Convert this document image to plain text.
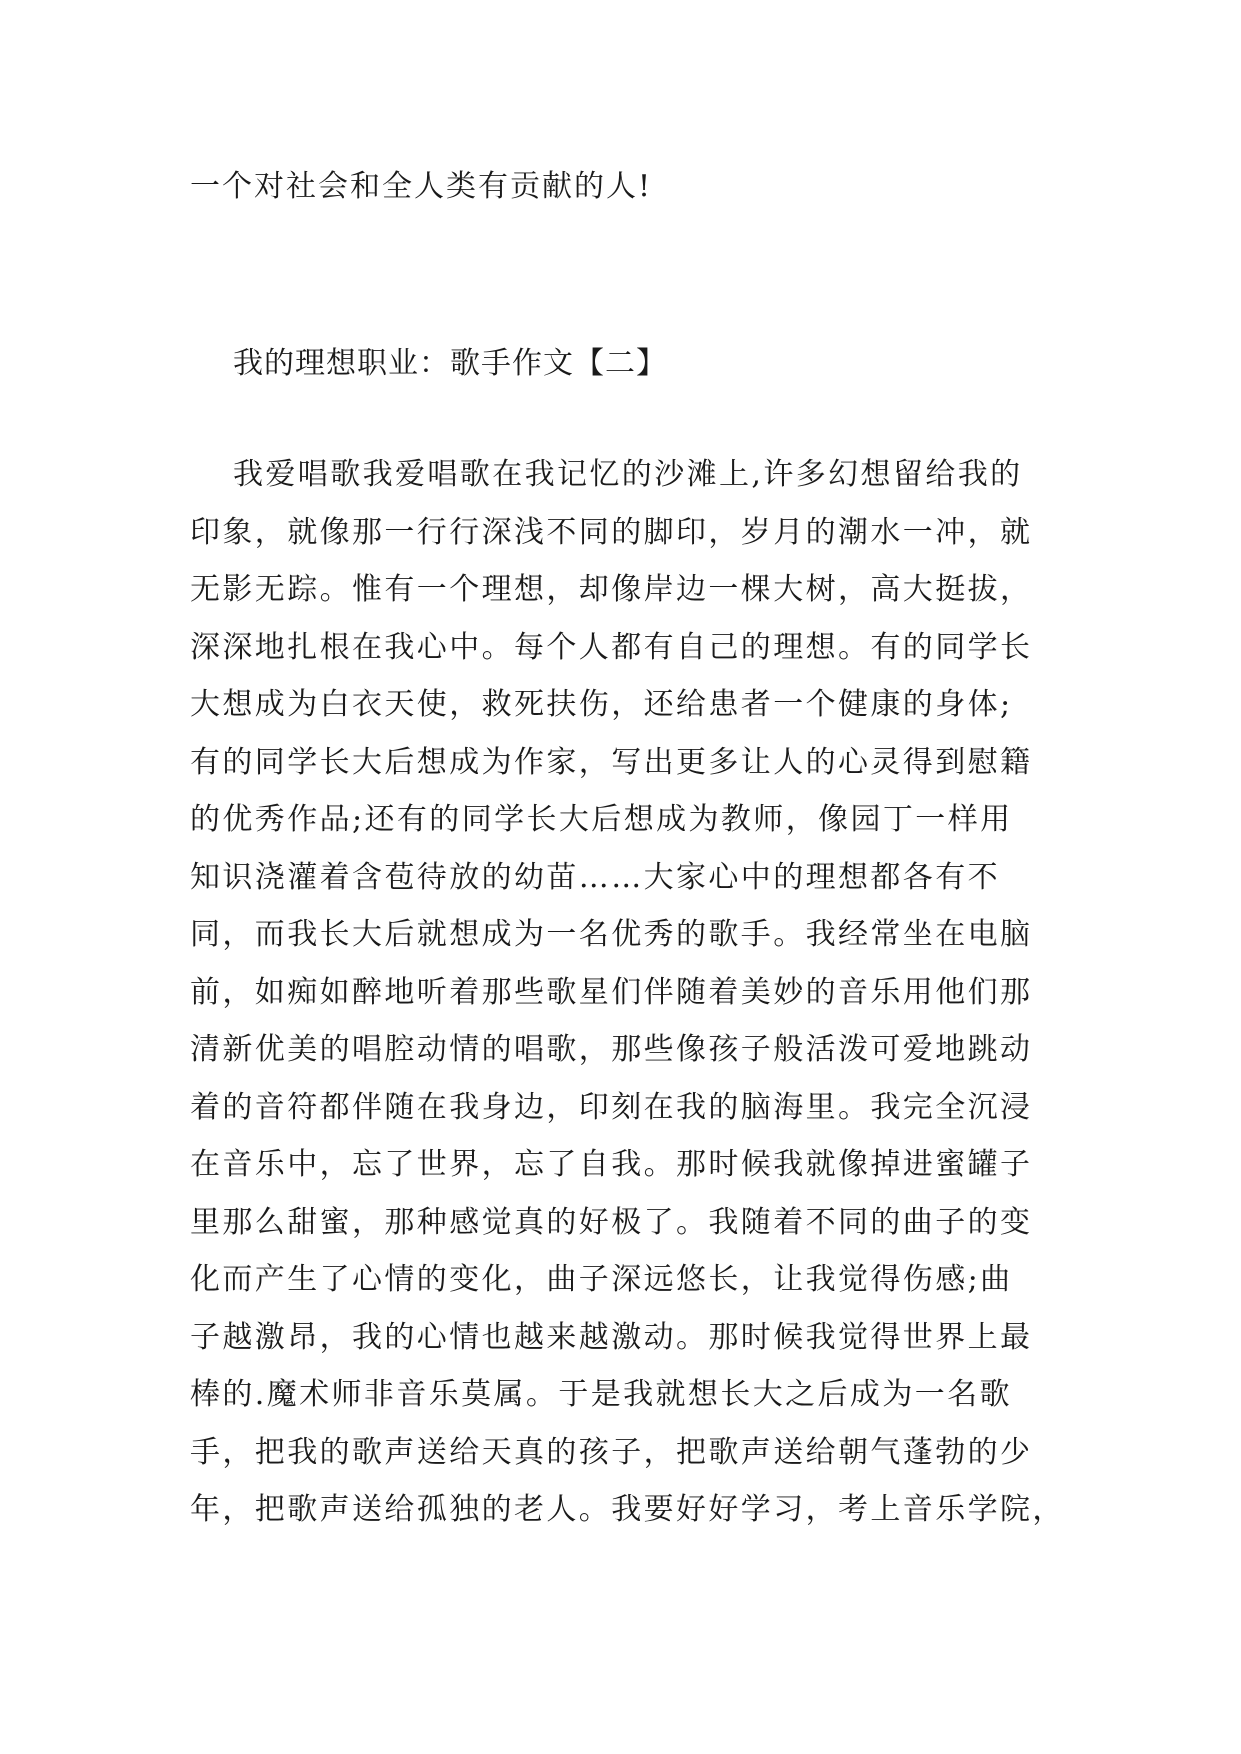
一个对社会和全人类有贡献的人!
我的理想职业：歌手作文【二】
我爱唱歌我爱唱歌在我记忆的沙滩上,许多幻想留给我的
印象，就像那一行行深浅不同的脚印，岁月的潮水一冲，就
无影无踪。惟有一个理想，却像岸边一棵大树，高大挺拔，
深深地扎根在我心中。每个人都有自己的理想。有的同学长
大想成为白衣天使，救死扶伤，还给患者一个健康的身体;
有的同学长大后想成为作家，写出更多让人的心灵得到慰籍
的优秀作品;还有的同学长大后想成为教师，像园丁一样用
知识浇灌着含苞待放的幼苗……大家心中的理想都各有不
同，而我长大后就想成为一名优秀的歌手。我经常坐在电脑
前，如痴如醉地听着那些歌星们伴随着美妙的音乐用他们那
清新优美的唱腔动情的唱歌，那些像孩子般活泼可爱地跳动
着的音符都伴随在我身边，印刻在我的脑海里。我完全沉浸
在音乐中，忘了世界，忘了自我。那时候我就像掉进蜜罐子
里那么甜蜜，那种感觉真的好极了。我随着不同的曲子的变
化而产生了心情的变化，曲子深远悠长，让我觉得伤感;曲
子越激昂，我的心情也越来越激动。那时候我觉得世界上最
棒的.魔术师非音乐莫属。于是我就想长大之后成为一名歌
手，把我的歌声送给天真的孩子，把歌声送给朝气蓬勃的少
年，把歌声送给孤独的老人。我要好好学习，考上音乐学院，
